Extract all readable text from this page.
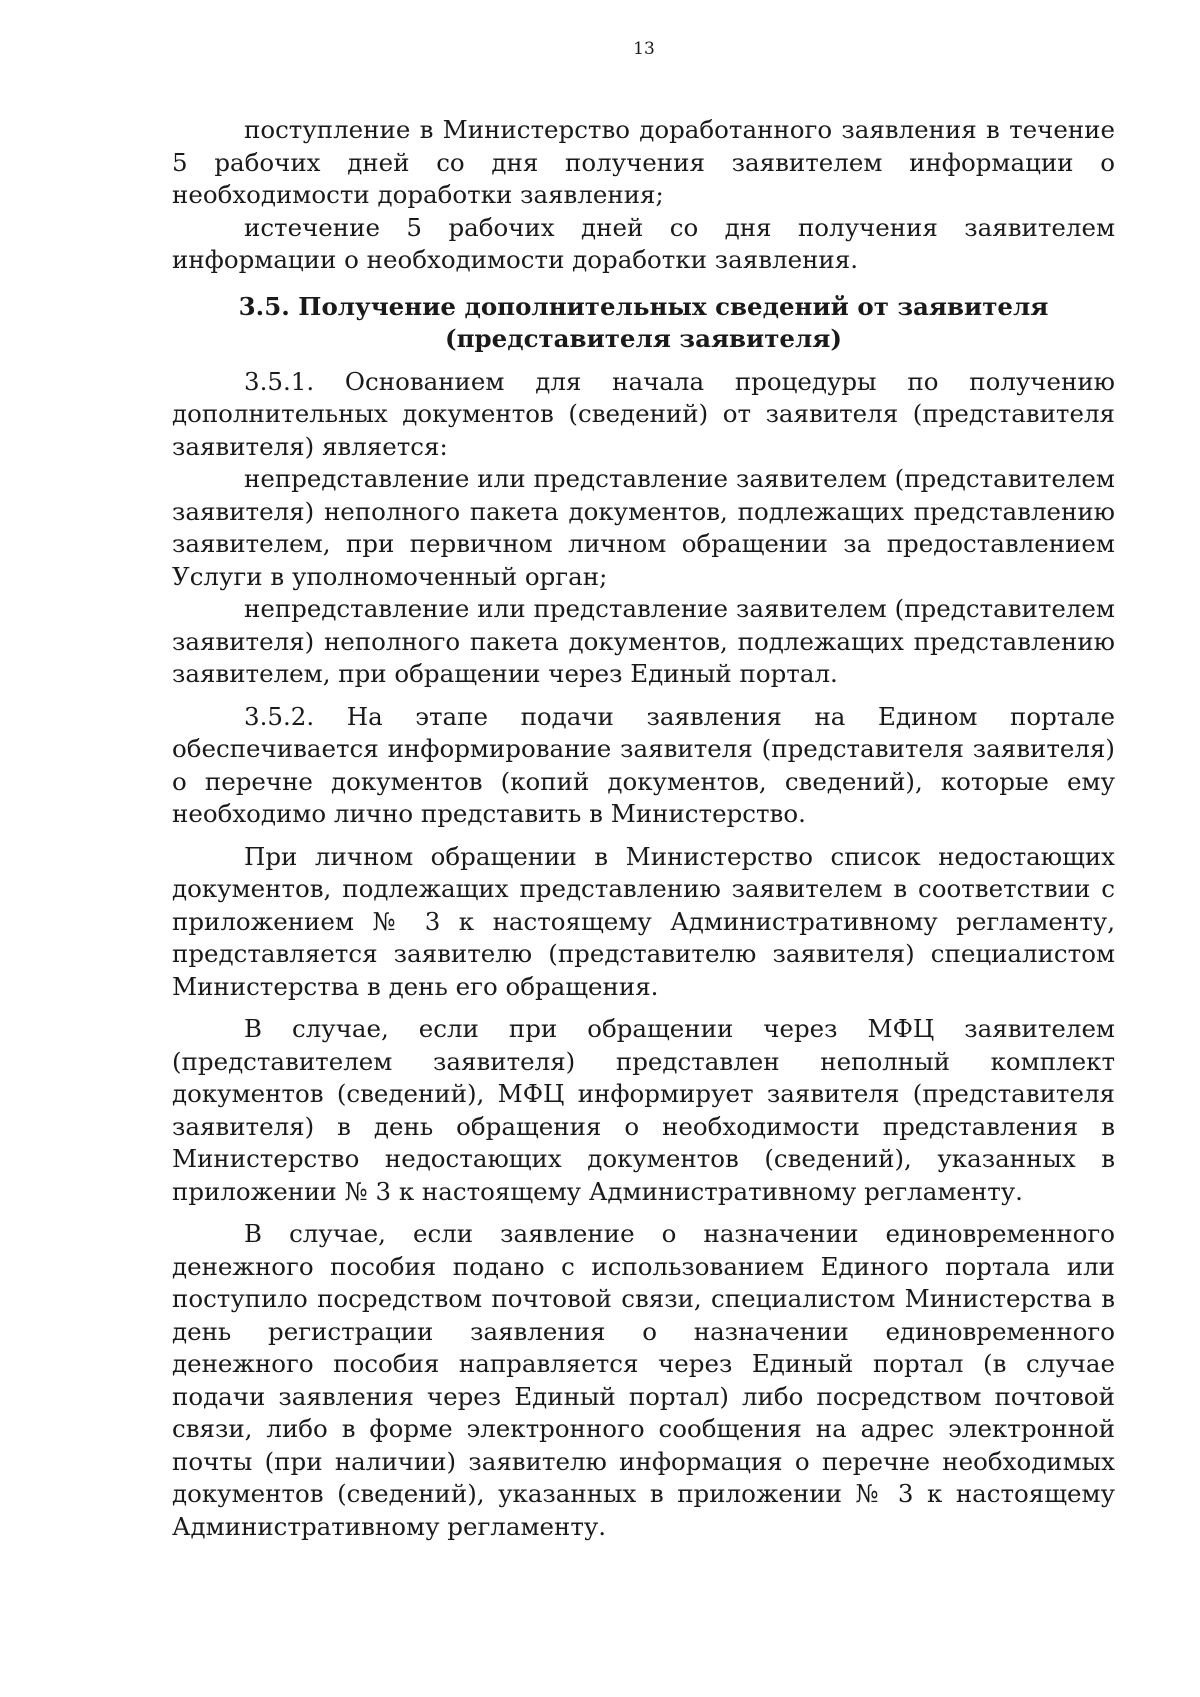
13

поступление в Министерство доработанного заявления в течение 5 рабочих дней со дня получения заявителем информации о необходимости доработки заявления;

истечение 5 рабочих дней со дня получения заявителем информации о необходимости доработки заявления.

3.5. Получение дополнительных сведений от заявителя (представителя заявителя)

3.5.1. Основанием для начала процедуры по получению дополнительных документов (сведений) от заявителя (представителя заявителя) является:

непредставление или представление заявителем (представителем заявителя) неполного пакета документов, подлежащих представлению заявителем, при первичном личном обращении за предоставлением Услуги в уполномоченный орган;

непредставление или представление заявителем (представителем заявителя) неполного пакета документов, подлежащих представлению заявителем, при обращении через Единый портал.

3.5.2. На этапе подачи заявления на Едином портале обеспечивается информирование заявителя (представителя заявителя) о перечне документов (копий документов, сведений), которые ему необходимо лично представить в Министерство.

При личном обращении в Министерство список недостающих документов, подлежащих представлению заявителем в соответствии с приложением № 3 к настоящему Административному регламенту, представляется заявителю (представителю заявителя) специалистом Министерства в день его обращения.

В случае, если при обращении через МФЦ заявителем (представителем заявителя) представлен неполный комплект документов (сведений), МФЦ информирует заявителя (представителя заявителя) в день обращения о необходимости представления в Министерство недостающих документов (сведений), указанных в приложении № 3 к настоящему Административному регламенту.

В случае, если заявление о назначении единовременного денежного пособия подано с использованием Единого портала или поступило посредством почтовой связи, специалистом Министерства в день регистрации заявления о назначении единовременного денежного пособия направляется через Единый портал (в случае подачи заявления через Единый портал) либо посредством почтовой связи, либо в форме электронного сообщения на адрес электронной почты (при наличии) заявителю информация о перечне необходимых документов (сведений), указанных в приложении № 3 к настоящему Административному регламенту.
